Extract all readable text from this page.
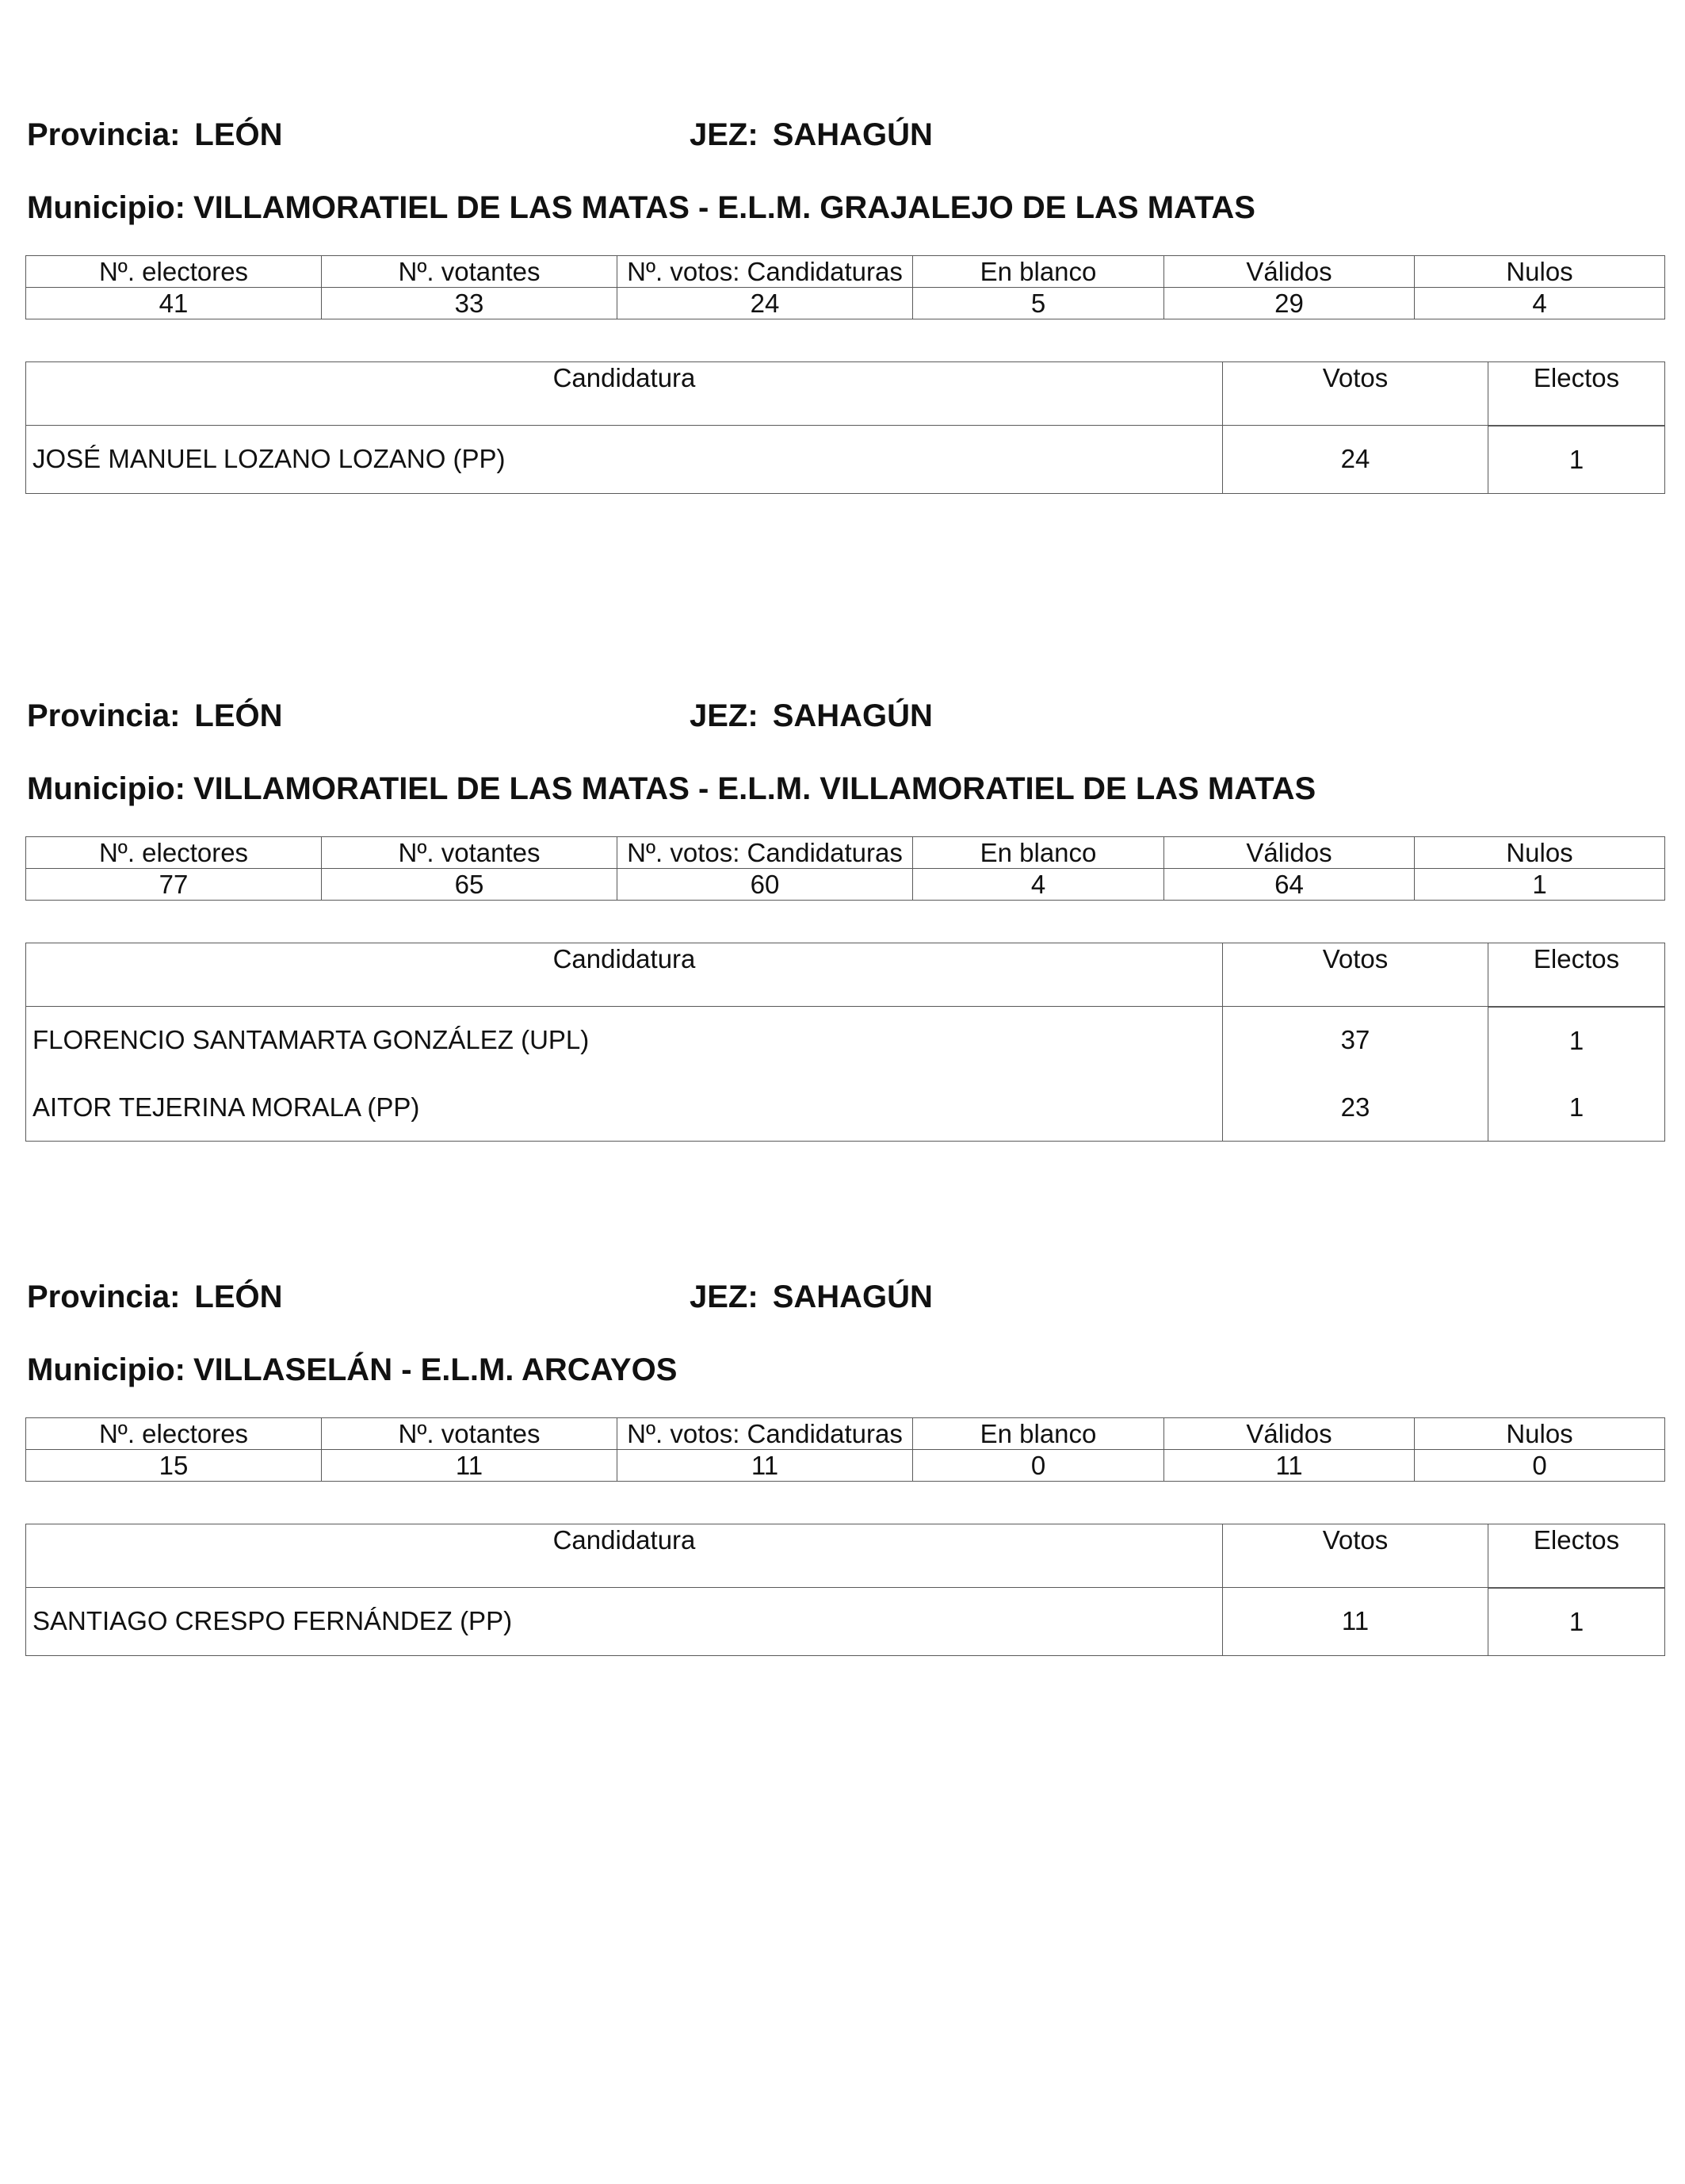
Provincia: LEÓN	JEZ: SAHAGÚN
Municipio: VILLAMORATIEL DE LAS MATAS - E.L.M. GRAJALEJO DE LAS MATAS
Nº. electores	Nº. votantes	Nº. votos: Candidaturas	En blanco	Válidos	Nulos
41	33	24	5	29	4
Candidatura	Votos	Electos
JOSÉ MANUEL LOZANO LOZANO (PP)	24	1
Provincia: LEÓN	JEZ: SAHAGÚN
Municipio: VILLAMORATIEL DE LAS MATAS - E.L.M. VILLAMORATIEL DE LAS MATAS
Nº. electores	Nº. votantes	Nº. votos: Candidaturas	En blanco	Válidos	Nulos
77	65	60	4	64	1
Candidatura	Votos	Electos
FLORENCIO SANTAMARTA GONZÁLEZ (UPL)	37	1
AITOR TEJERINA MORALA (PP)	23	1
Provincia: LEÓN	JEZ: SAHAGÚN
Municipio: VILLASELÁN - E.L.M. ARCAYOS
Nº. electores	Nº. votantes	Nº. votos: Candidaturas	En blanco	Válidos	Nulos
15	11	11	0	11	0
Candidatura	Votos	Electos
SANTIAGO CRESPO FERNÁNDEZ (PP)	11	1
